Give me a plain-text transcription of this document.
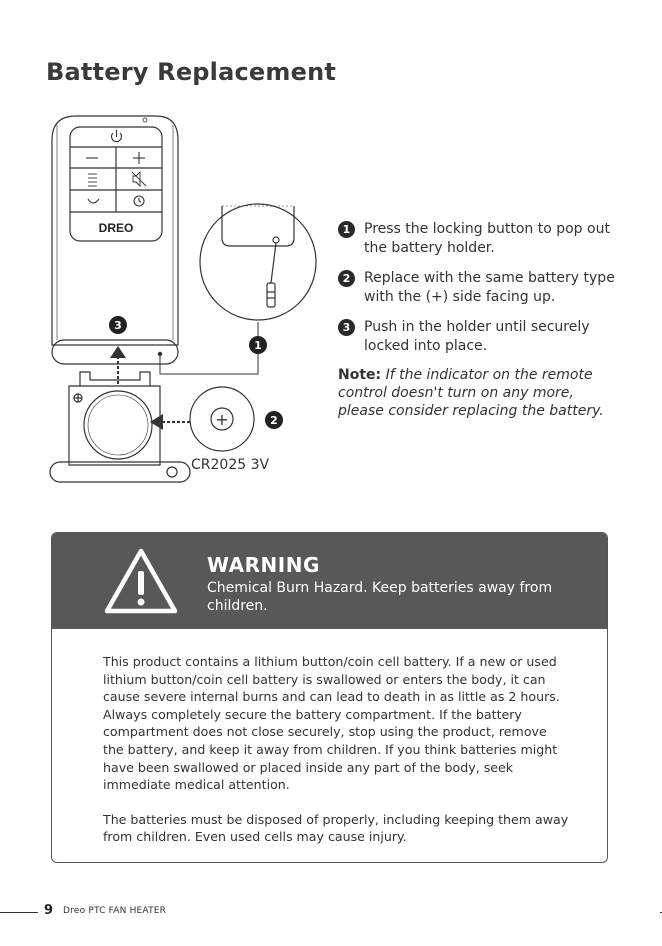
Battery Replacement
DREO
3
1
+
CR2025 3V
2
1 Press the locking button to pop out the battery holder.
2 Replace with the same battery type with the (+) side facing up.
3 Push in the holder until securely locked into place.
Note: If the indicator on the remote control doesn't turn on any more, please consider replacing the battery.
WARNING
Chemical Burn Hazard. Keep batteries away from children.

This product contains a lithium button/coin cell battery. If a new or used lithium button/coin cell battery is swallowed or enters the body, it can cause severe internal burns and can lead to death in as little as 2 hours. Always completely secure the battery compartment. If the battery compartment does not close securely, stop using the product, remove the battery, and keep it away from children. If you think batteries might have been swallowed or placed inside any part of the body, seek immediate medical attention.

The batteries must be disposed of properly, including keeping them away from children. Even used cells may cause injury.

9 Dreo PTC FAN HEATER
